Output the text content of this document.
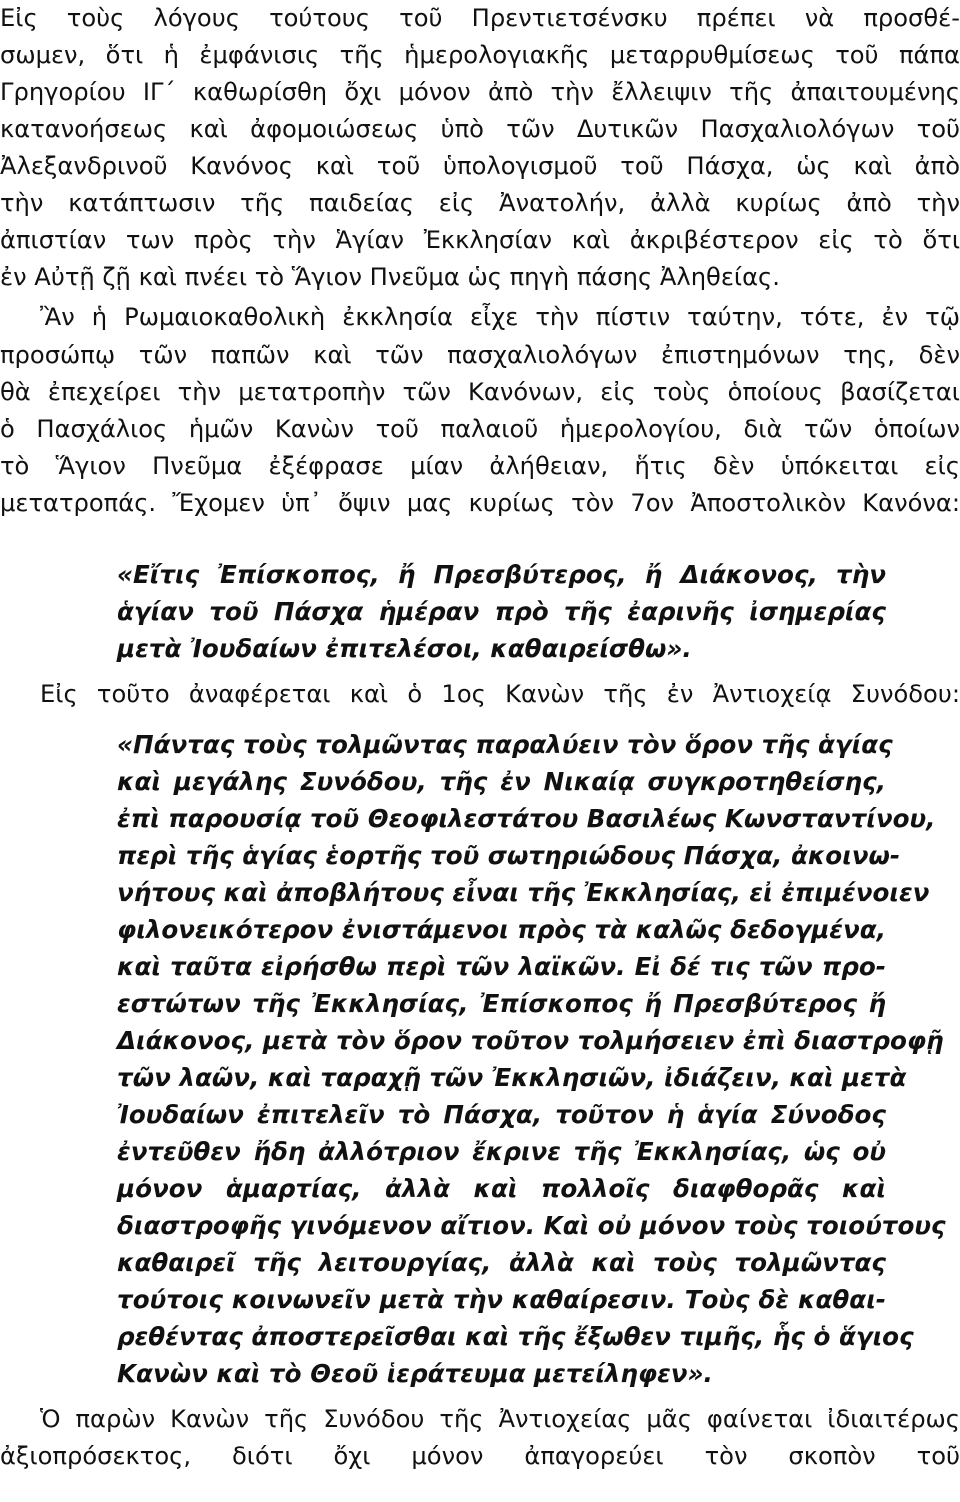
Εἰς τοὺς λόγους τούτους τοῦ Πρεντιετσένσκυ πρέπει νὰ προσθέ-
σωμεν, ὅτι ἡ ἐμφάνισις τῆς ἡμερολογιακῆς μεταρρυθμίσεως τοῦ πάπα
Γρηγορίου ΙΓ´ καθωρίσθη ὄχι μόνον ἀπὸ τὴν ἔλλειψιν τῆς ἀπαιτουμένης
κατανοήσεως καὶ ἀφομοιώσεως ὑπὸ τῶν Δυτικῶν Πασχαλιολόγων τοῦ
Ἀλεξανδρινοῦ Κανόνος καὶ τοῦ ὑπολογισμοῦ τοῦ Πάσχα, ὡς καὶ ἀπὸ
τὴν κατάπτωσιν τῆς παιδείας εἰς Ἀνατολήν, ἀλλὰ κυρίως ἀπὸ τὴν
ἀπιστίαν των πρὸς τὴν Ἁγίαν Ἐκκλησίαν καὶ ἀκριβέστερον εἰς τὸ ὅτι
ἐν Αὐτῇ ζῇ καὶ πνέει τὸ Ἅγιον Πνεῦμα ὡς πηγὴ πάσης Ἀληθείας.
Ἂν ἡ Ρωμαιοκαθολικὴ ἐκκλησία εἶχε τὴν πίστιν ταύτην, τότε, ἐν τῷ
προσώπῳ τῶν παπῶν καὶ τῶν πασχαλιολόγων ἐπιστημόνων της, δὲν
θὰ ἐπεχείρει τὴν μετατροπὴν τῶν Κανόνων, εἰς τοὺς ὁποίους βασίζεται
ὁ Πασχάλιος ἡμῶν Κανὼν τοῦ παλαιοῦ ἡμερολογίου, διὰ τῶν ὁποίων
τὸ Ἅγιον Πνεῦμα ἐξέφρασε μίαν ἀλήθειαν, ἥτις δὲν ὑπόκειται εἰς
μετατροπάς. Ἔχομεν ὑπ᾽ ὄψιν μας κυρίως τὸν 7ον Ἀποστολικὸν Κανόνα:
«Εἴτις Ἐπίσκοπος, ἤ Πρεσβύτερος, ἤ Διάκονος, τὴν
ἁγίαν τοῦ Πάσχα ἡμέραν πρὸ τῆς ἐαρινῆς ἰσημερίας
μετὰ Ἰουδαίων ἐπιτελέσοι, καθαιρείσθω».
Εἰς τοῦτο ἀναφέρεται καὶ ὁ 1ος Κανὼν τῆς ἐν Ἀντιοχείᾳ Συνόδου:
«Πάντας τοὺς τολμῶντας παραλύειν τὸν ὅρον τῆς ἁγίας
καὶ μεγάλης Συνόδου, τῆς ἐν Νικαίᾳ συγκροτηθείσης,
ἐπὶ παρουσίᾳ τοῦ Θεοφιλεστάτου Βασιλέως Κωνσταντίνου,
περὶ τῆς ἁγίας ἑορτῆς τοῦ σωτηριώδους Πάσχα, ἀκοινω-
νήτους καὶ ἀποβλήτους εἶναι τῆς Ἐκκλησίας, εἰ ἐπιμένοιεν
φιλονεικότερον ἐνιστάμενοι πρὸς τὰ καλῶς δεδογμένα,
καὶ ταῦτα εἰρήσθω περὶ τῶν λαϊκῶν. Εἰ δέ τις τῶν προ-
εστώτων τῆς Ἐκκλησίας, Ἐπίσκοπος ἤ Πρεσβύτερος ἤ
Διάκονος, μετὰ τὸν ὅρον τοῦτον τολμήσειεν ἐπὶ διαστροφῇ
τῶν λαῶν, καὶ ταραχῇ τῶν Ἐκκλησιῶν, ἰδιάζειν, καὶ μετὰ
Ἰουδαίων ἐπιτελεῖν τὸ Πάσχα, τοῦτον ἡ ἁγία Σύνοδος
ἐντεῦθεν ἤδη ἀλλότριον ἔκρινε τῆς Ἐκκλησίας, ὡς οὐ
μόνον ἁμαρτίας, ἀλλὰ καὶ πολλοῖς διαφθορᾶς καὶ
διαστροφῆς γινόμενον αἴτιον. Καὶ οὐ μόνον τοὺς τοιούτους
καθαιρεῖ τῆς λειτουργίας, ἀλλὰ καὶ τοὺς τολμῶντας
τούτοις κοινωνεῖν μετὰ τὴν καθαίρεσιν. Τοὺς δὲ καθαι-
ρεθέντας ἀποστερεῖσθαι καὶ τῆς ἔξωθεν τιμῆς, ἧς ὁ ἅγιος
Κανὼν καὶ τὸ Θεοῦ ἱεράτευμα μετείληφεν».
Ὁ παρὼν Κανὼν τῆς Συνόδου τῆς Ἀντιοχείας μᾶς φαίνεται ἰδιαιτέρως
ἀξιοπρόσεκτος, διότι ὄχι μόνον ἀπαγορεύει τὸν σκοπὸν τοῦ
